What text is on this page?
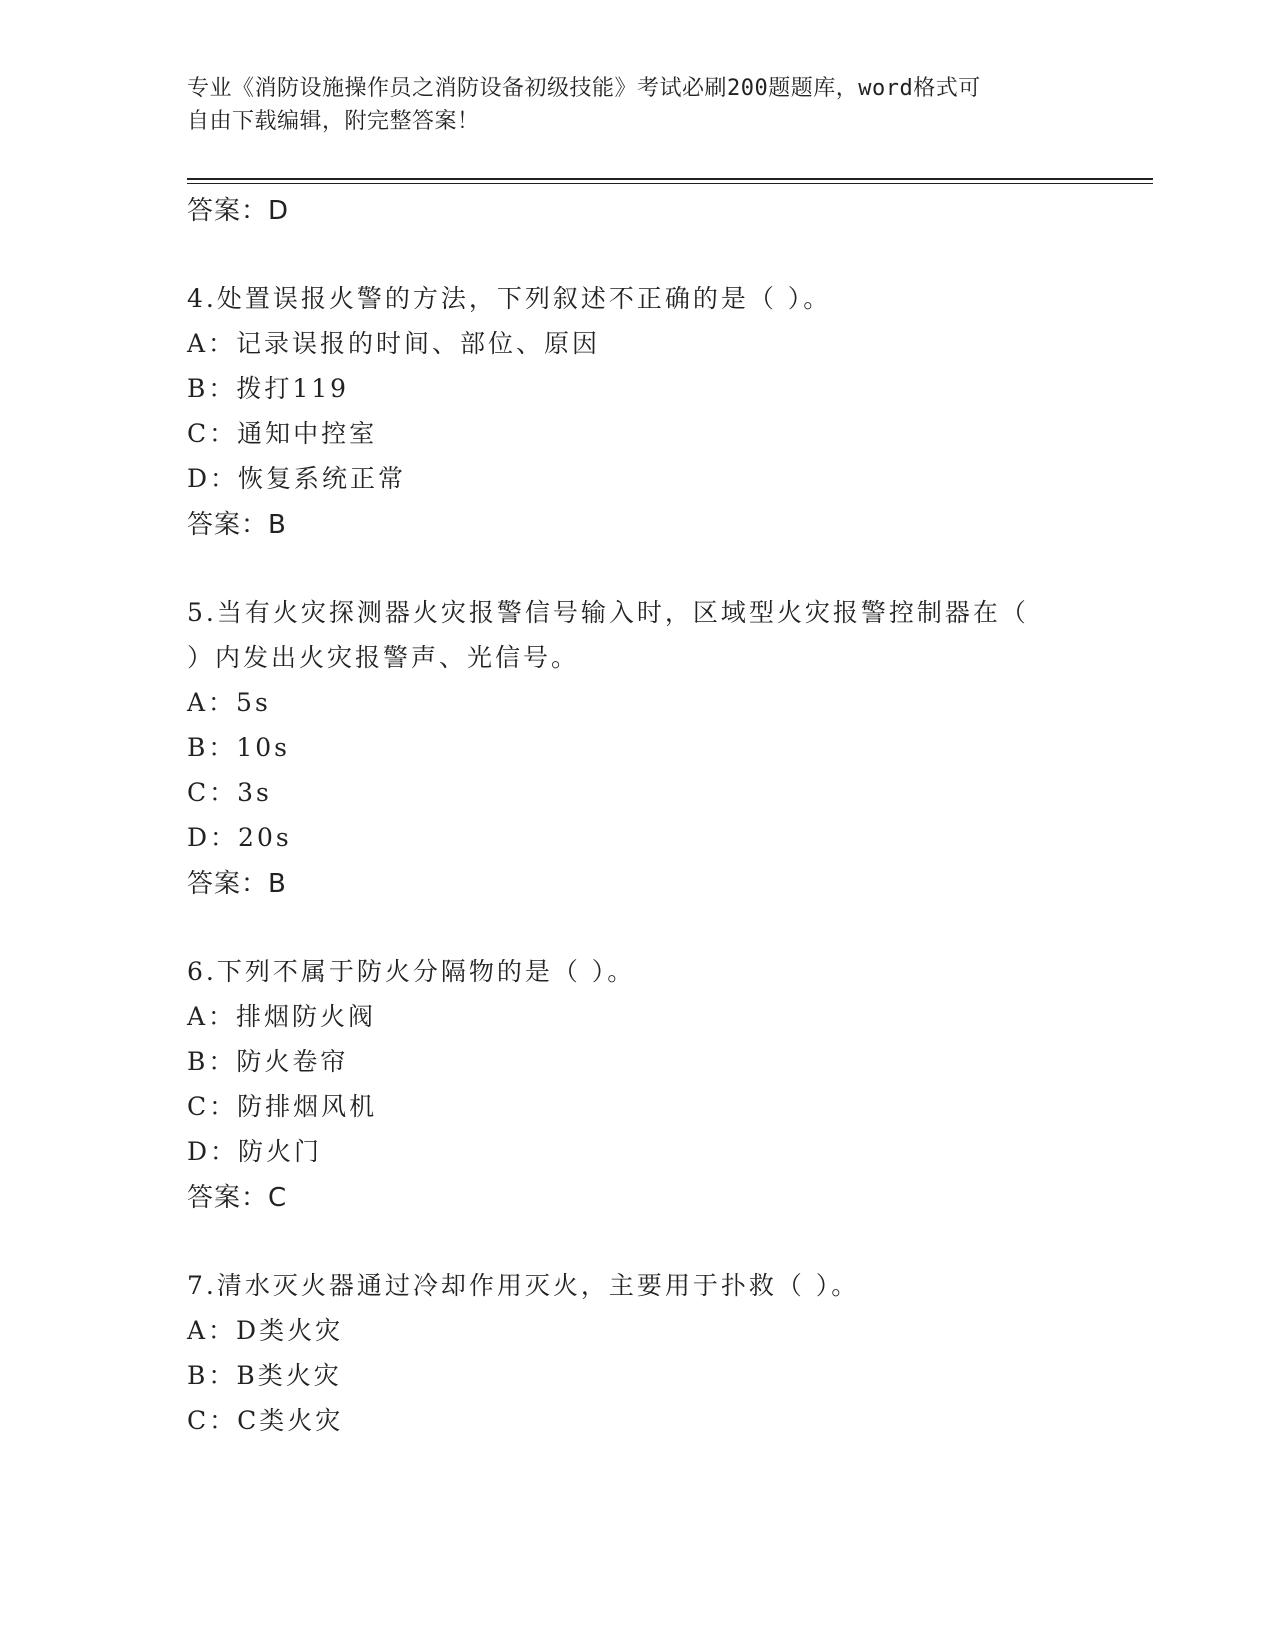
专业《消防设施操作员之消防设备初级技能》考试必刷200题题库，word格式可
自由下载编辑，附完整答案！
答案：D
4.处置误报火警的方法，下列叙述不正确的是（ ）。
A：记录误报的时间、部位、原因
B：拨打119
C：通知中控室
D：恢复系统正常
答案：B
5.当有火灾探测器火灾报警信号输入时，区域型火灾报警控制器在（
）内发出火灾报警声、光信号。
A：5s
B：10s
C：3s
D：20s
答案：B
6.下列不属于防火分隔物的是（ ）。
A：排烟防火阀
B：防火卷帘
C：防排烟风机
D：防火门
答案：C
7.清水灭火器通过冷却作用灭火，主要用于扑救（ ）。
A：D类火灾
B：B类火灾
C：C类火灾
